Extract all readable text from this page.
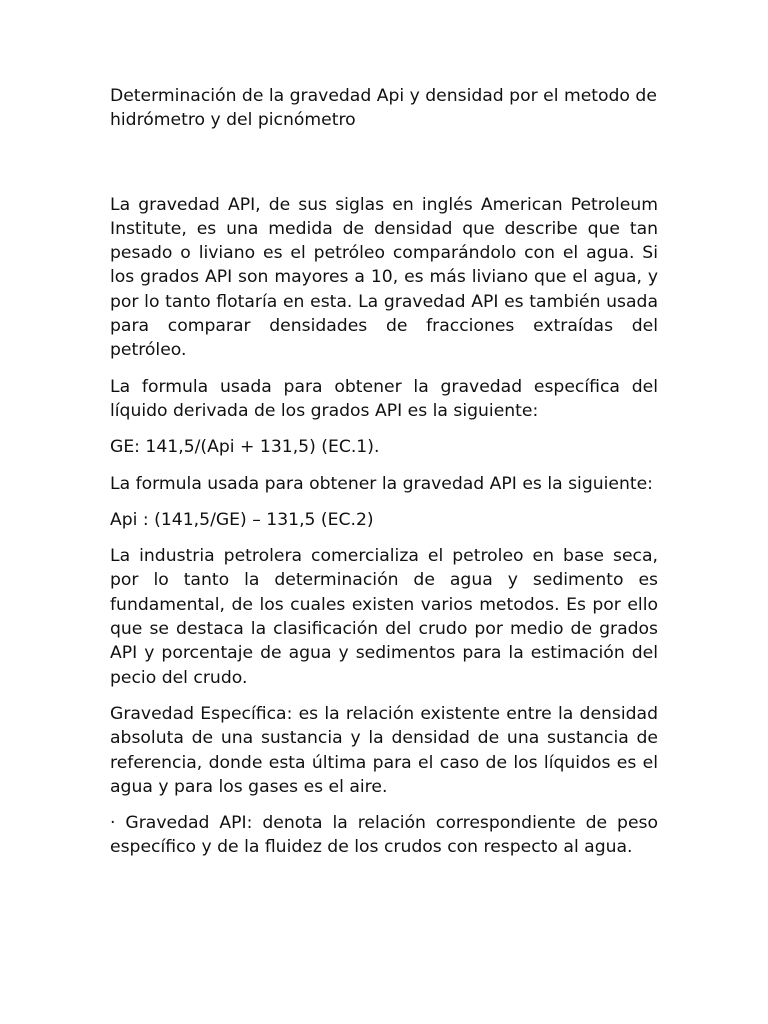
Determinación de la gravedad Api y densidad por el metodo de hidrómetro y del picnómetro

La gravedad API, de sus siglas en inglés American Petroleum Institute, es una medida de densidad que describe que tan pesado o liviano es el petróleo comparándolo con el agua. Si los grados API son mayores a 10, es más liviano que el agua, y por lo tanto flotaría en esta. La gravedad API es también usada para comparar densidades de fracciones extraídas del petróleo.

La formula usada para obtener la gravedad específica del líquido derivada de los grados API es la siguiente:

GE: 141,5/(Api + 131,5) (EC.1).

La formula usada para obtener la gravedad API es la siguiente:

Api : (141,5/GE) – 131,5 (EC.2)

La industria petrolera comercializa el petroleo en base seca, por lo tanto la determinación de agua y sedimento es fundamental, de los cuales existen varios metodos. Es por ello que se destaca la clasificación del crudo por medio de grados API y porcentaje de agua y sedimentos para la estimación del pecio del crudo.

Gravedad Específica: es la relación existente entre la densidad absoluta de una sustancia y la densidad de una sustancia de referencia, donde esta última para el caso de los líquidos es el agua y para los gases es el aire.

· Gravedad API: denota la relación correspondiente de peso específico y de la fluidez de los crudos con respecto al agua.
